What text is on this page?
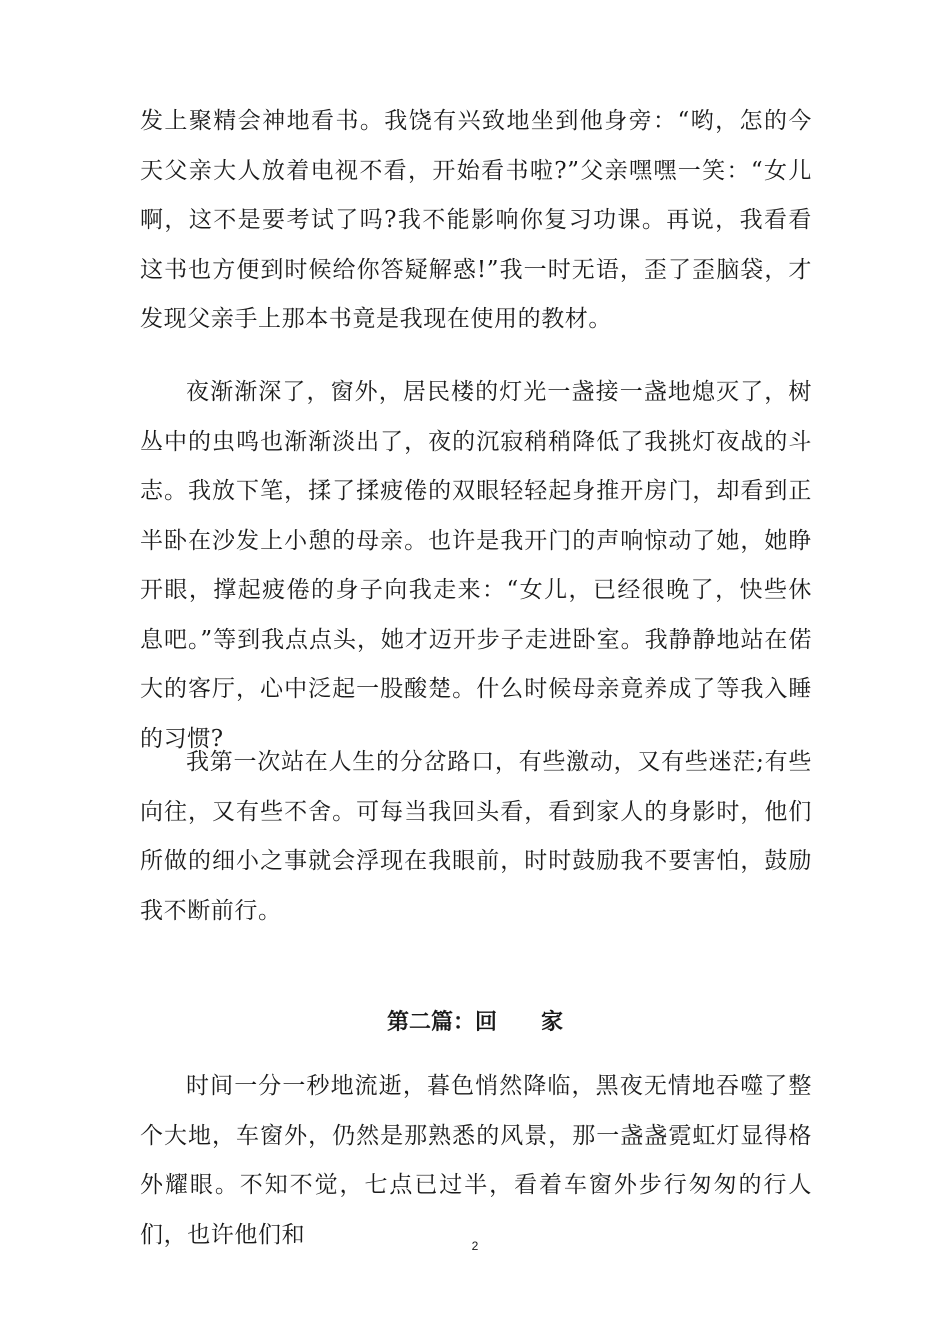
发上聚精会神地看书。我饶有兴致地坐到他身旁：“哟，怎的今天父亲大人放着电视不看，开始看书啦?”父亲嘿嘿一笑：“女儿啊，这不是要考试了吗?我不能影响你复习功课。再说，我看看这书也方便到时候给你答疑解惑!”我一时无语，歪了歪脑袋，才发现父亲手上那本书竟是我现在使用的教材。

夜渐渐深了，窗外，居民楼的灯光一盏接一盏地熄灭了，树丛中的虫鸣也渐渐淡出了，夜的沉寂稍稍降低了我挑灯夜战的斗志。我放下笔，揉了揉疲倦的双眼轻轻起身推开房门，却看到正半卧在沙发上小憩的母亲。也许是我开门的声响惊动了她，她睁开眼，撑起疲倦的身子向我走来：“女儿，已经很晚了，快些休息吧。”等到我点点头，她才迈开步子走进卧室。我静静地站在偌大的客厅，心中泛起一股酸楚。什么时候母亲竟养成了等我入睡的习惯?

我第一次站在人生的分岔路口，有些激动，又有些迷茫;有些向往，又有些不舍。可每当我回头看，看到家人的身影时，他们所做的细小之事就会浮现在我眼前，时时鼓励我不要害怕，鼓励我不断前行。

第二篇：回　　家

时间一分一秒地流逝，暮色悄然降临，黑夜无情地吞噬了整个大地，车窗外，仍然是那熟悉的风景，那一盏盏霓虹灯显得格外耀眼。不知不觉，七点已过半，看着车窗外步行匆匆的行人们，也许他们和	2
